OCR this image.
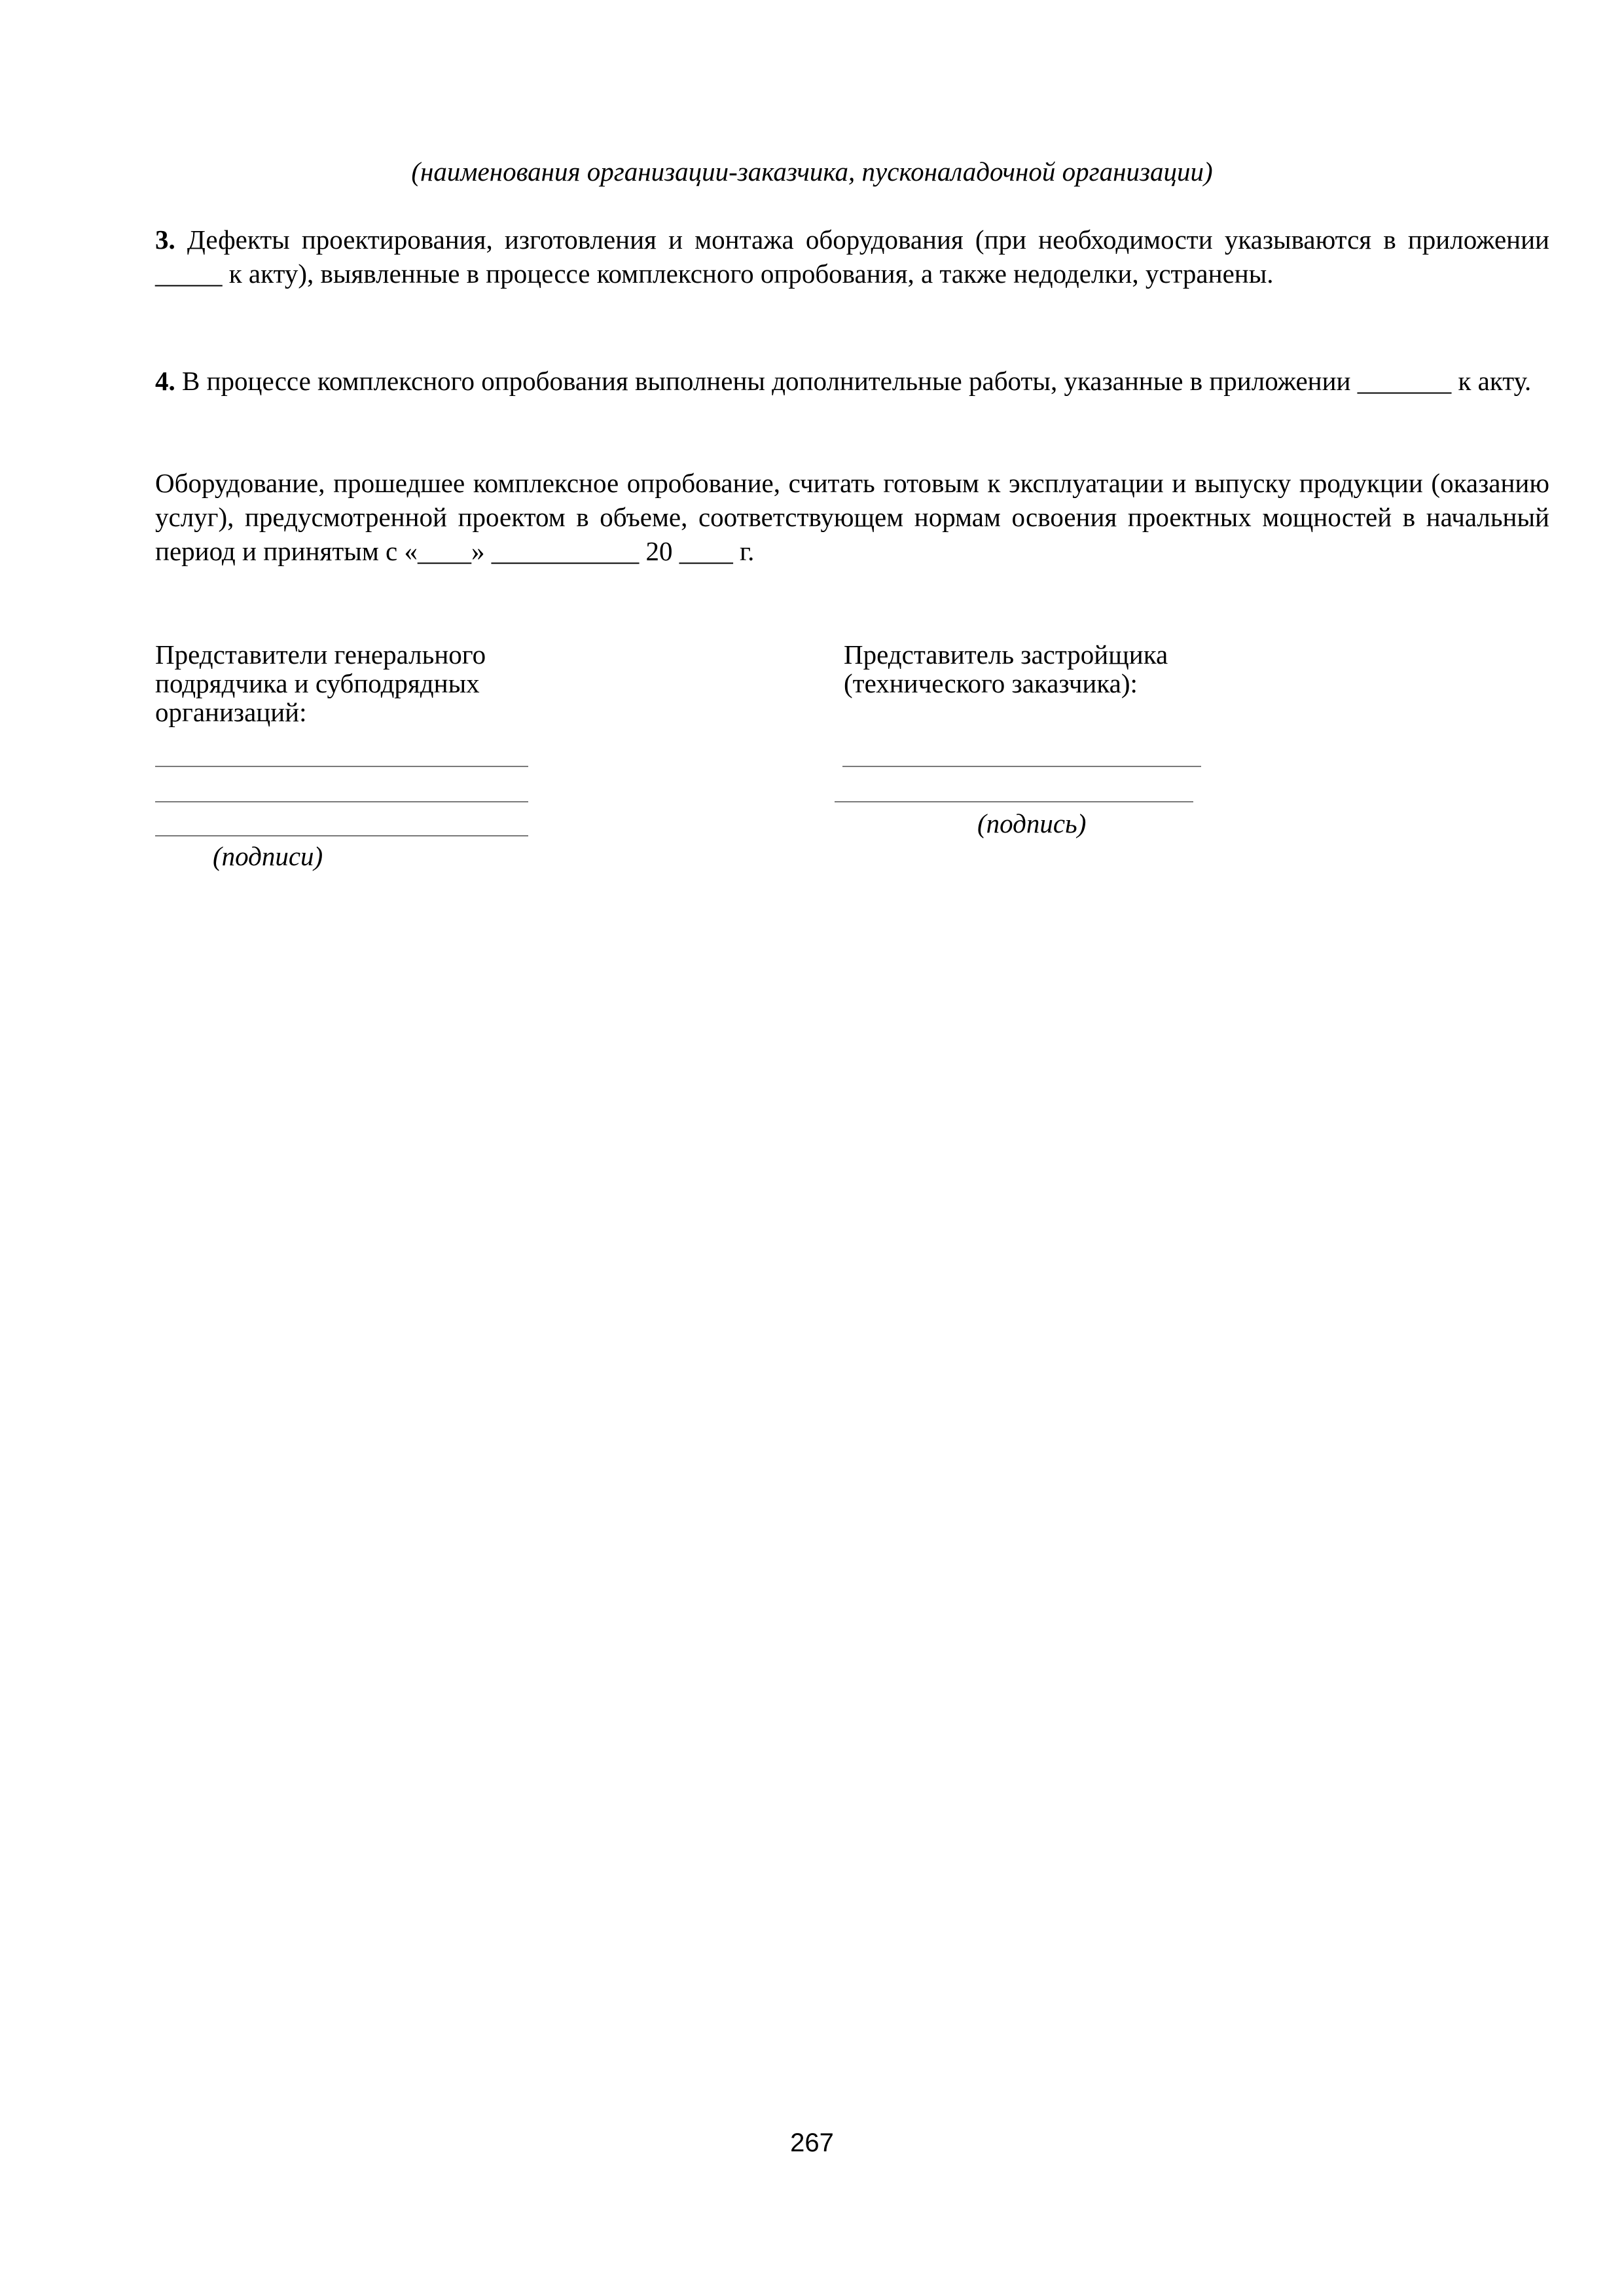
(наименования организации-заказчика, пусконаладочной организации)
3. Дефекты проектирования, изготовления и монтажа оборудования (при необходимости указываются в приложении _____ к акту), выявленные в процессе комплексного опробования, а также недоделки, устранены.
4. В процессе комплексного опробования выполнены дополнительные работы, указанные в приложении _______ к акту.
Оборудование, прошедшее комплексное опробование, считать готовым к эксплуатации и выпуску продукции (оказанию услуг), предусмотренной проектом в объеме, соответствующем нормам освоения проектных мощностей в начальный период и принятым с «____» ___________ 20 ____ г.
Представители генерального
подрядчика и субподрядных
организаций:
(подписи)
Представитель застройщика
(технического заказчика):
(подпись)
267
